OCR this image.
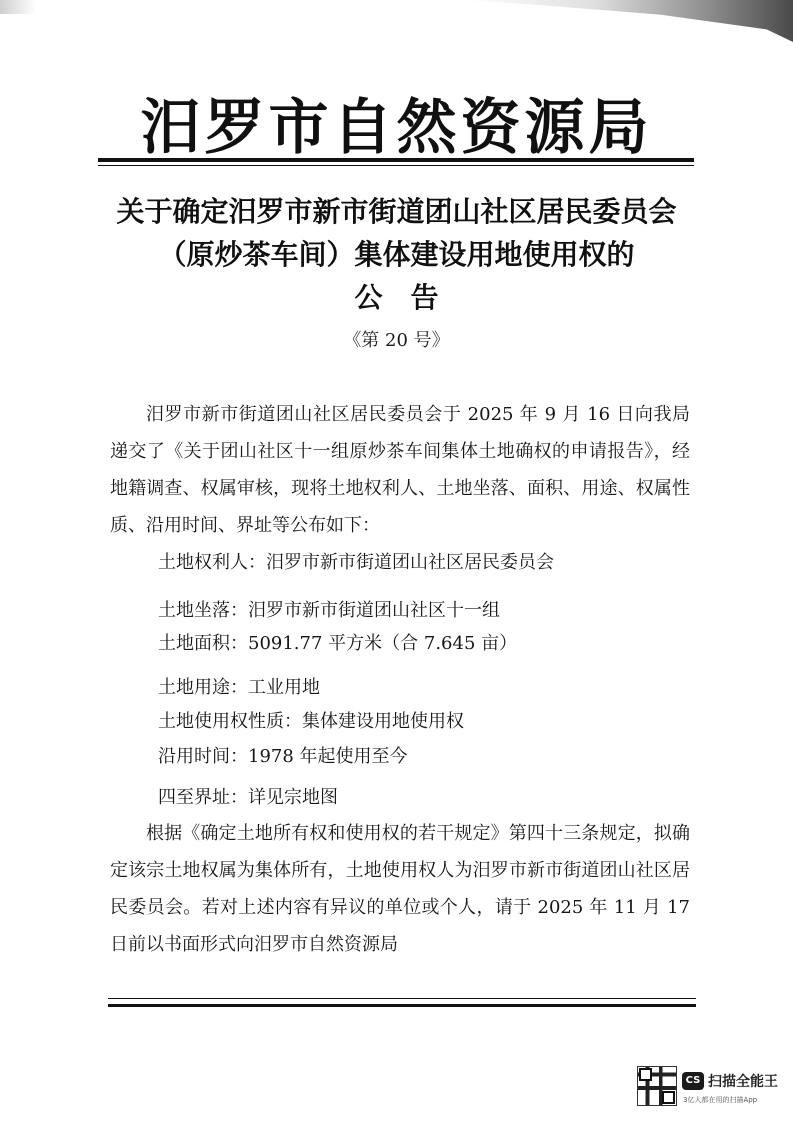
汨罗市自然资源局
关于确定汨罗市新市街道团山社区居民委员会
（原炒茶车间）集体建设用地使用权的
公告
《第 20 号》
汨罗市新市街道团山社区居民委员会于 2025 年 9 月 16 日向我局递交了《关于团山社区十一组原炒茶车间集体土地确权的申请报告》，经地籍调查、权属审核，现将土地权利人、土地坐落、面积、用途、权属性质、沿用时间、界址等公布如下：
土地权利人：汨罗市新市街道团山社区居民委员会
土地坐落：汨罗市新市街道团山社区十一组
土地面积：5091.77 平方米（合 7.645 亩）
土地用途：工业用地
土地使用权性质：集体建设用地使用权
沿用时间：1978 年起使用至今
四至界址：详见宗地图
根据《确定土地所有权和使用权的若干规定》第四十三条规定，拟确定该宗土地权属为集体所有，土地使用权人为汨罗市新市街道团山社区居民委员会。若对上述内容有异议的单位或个人，请于 2025 年 11 月 17 日前以书面形式向汨罗市自然资源局
CS 扫描全能王
3亿人都在用的扫描App
